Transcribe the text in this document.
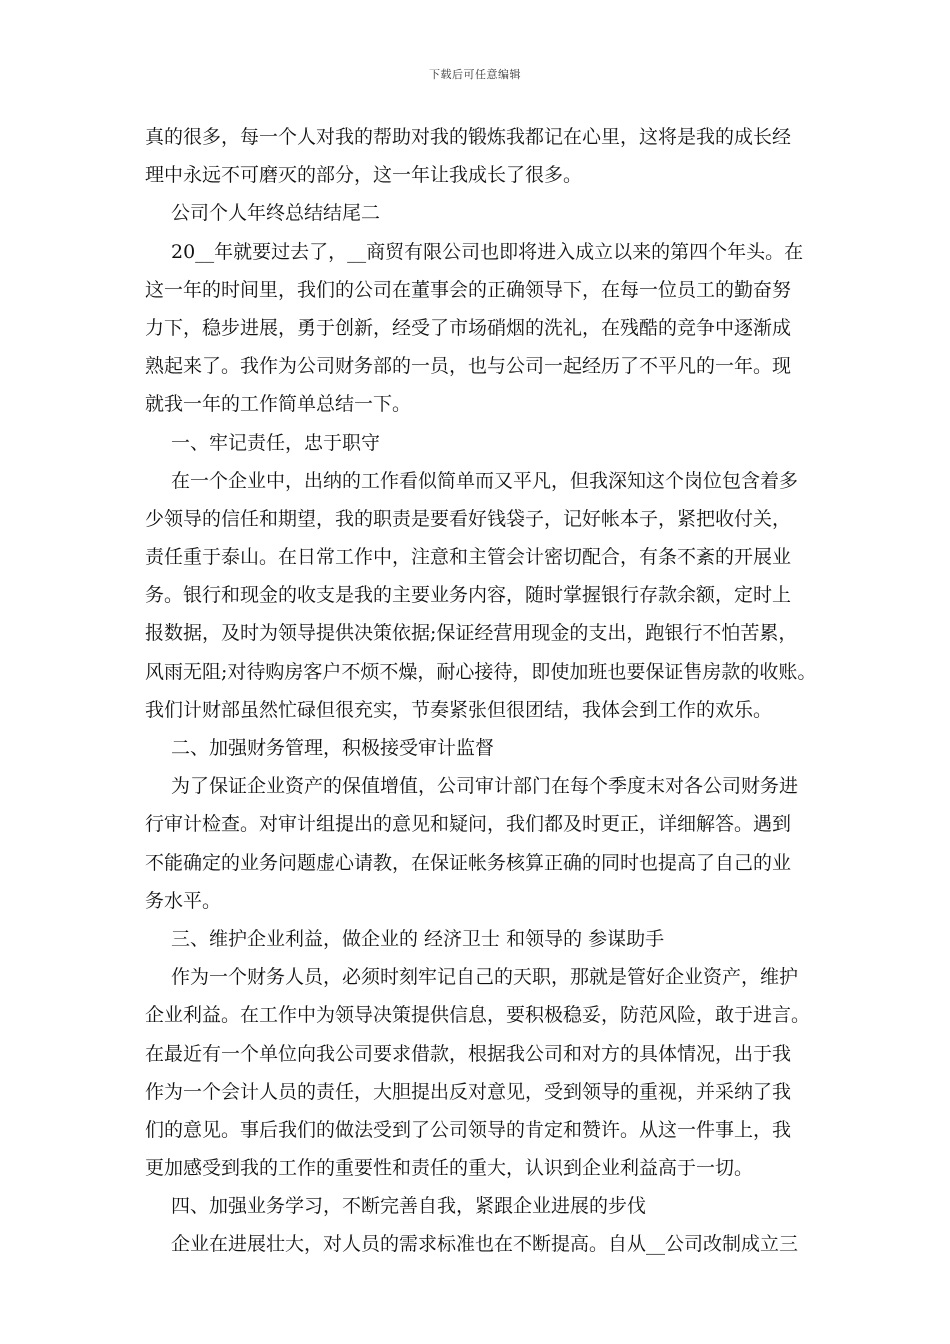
下载后可任意编辑
真的很多，每一个人对我的帮助对我的锻炼我都记在心里，这将是我的成长经
理中永远不可磨灭的部分，这一年让我成长了很多。
公司个人年终总结结尾二
20__年就要过去了，__商贸有限公司也即将进入成立以来的第四个年头。在
这一年的时间里，我们的公司在董事会的正确领导下，在每一位员工的勤奋努
力下，稳步进展，勇于创新，经受了市场硝烟的洗礼，在残酷的竞争中逐渐成
熟起来了。我作为公司财务部的一员，也与公司一起经历了不平凡的一年。现
就我一年的工作简单总结一下。
一、牢记责任，忠于职守
在一个企业中，出纳的工作看似简单而又平凡，但我深知这个岗位包含着多
少领导的信任和期望，我的职责是要看好钱袋子，记好帐本子，紧把收付关，
责任重于泰山。在日常工作中，注意和主管会计密切配合，有条不紊的开展业
务。银行和现金的收支是我的主要业务内容，随时掌握银行存款余额，定时上
报数据，及时为领导提供决策依据;保证经营用现金的支出，跑银行不怕苦累，
风雨无阻;对待购房客户不烦不燥，耐心接待，即使加班也要保证售房款的收账。
我们计财部虽然忙碌但很充实，节奏紧张但很团结，我体会到工作的欢乐。
二、加强财务管理，积极接受审计监督
为了保证企业资产的保值增值，公司审计部门在每个季度末对各公司财务进
行审计检查。对审计组提出的意见和疑问，我们都及时更正，详细解答。遇到
不能确定的业务问题虚心请教，在保证帐务核算正确的同时也提高了自己的业
务水平。
三、维护企业利益，做企业的 经济卫士 和领导的 参谋助手
作为一个财务人员，必须时刻牢记自己的天职，那就是管好企业资产，维护
企业利益。在工作中为领导决策提供信息，要积极稳妥，防范风险，敢于进言。
在最近有一个单位向我公司要求借款，根据我公司和对方的具体情况，出于我
作为一个会计人员的责任，大胆提出反对意见，受到领导的重视，并采纳了我
们的意见。事后我们的做法受到了公司领导的肯定和赞许。从这一件事上，我
更加感受到我的工作的重要性和责任的重大，认识到企业利益高于一切。
四、加强业务学习，不断完善自我，紧跟企业进展的步伐
企业在进展壮大，对人员的需求标准也在不断提高。自从__公司改制成立三
